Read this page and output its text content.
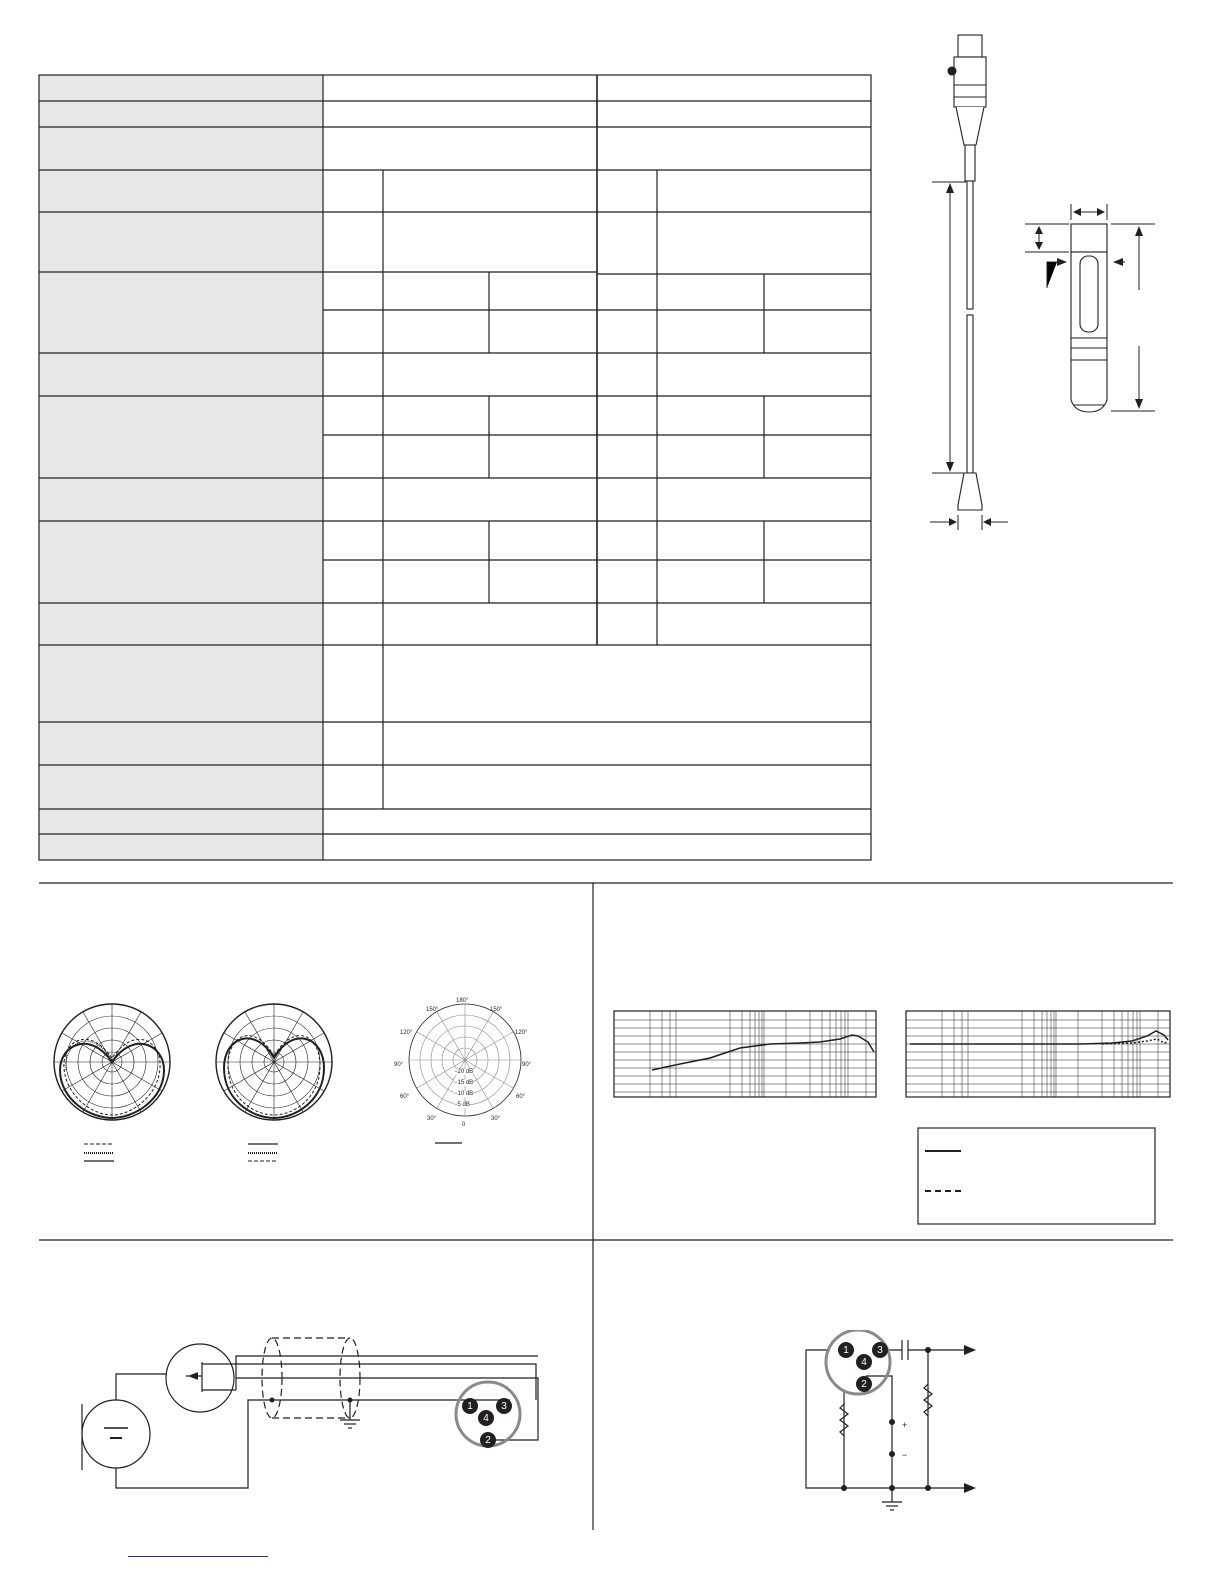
180°
150°	150°
120°	120°
90°	90°
60°	60°
30°	30°
0
−20 dB
−15 dB
−10 dB
−5 dB
1	3
4
2
1	3
4
2
+
−
